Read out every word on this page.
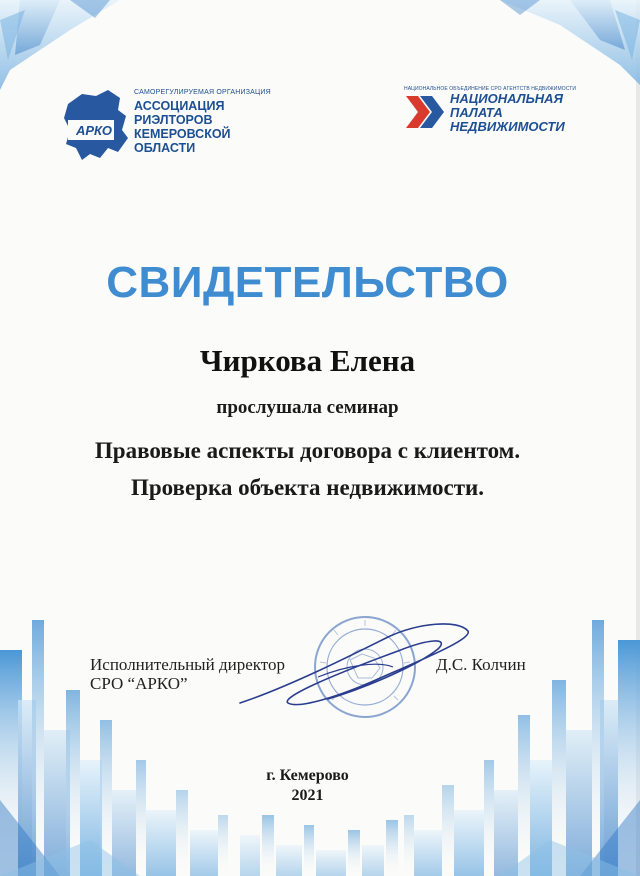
АРКО
САМОРЕГУЛИРУЕМАЯ ОРГАНИЗАЦИЯ
АССОЦИАЦИЯ
РИЭЛТОРОВ
КЕМЕРОВСКОЙ
ОБЛАСТИ
НАЦИОНАЛЬНОЕ ОБЪЕДИНЕНИЕ СРО АГЕНТСТВ НЕДВИЖИМОСТИ
НАЦИОНАЛЬНАЯ
ПАЛАТА
НЕДВИЖИМОСТИ
СВИДЕТЕЛЬСТВО
Чиркова Елена
прослушала семинар
Правовые аспекты договора с клиентом.
Проверка объекта недвижимости.
Исполнительный директор
СРО “АРКО”
Д.С. Колчин
г. Кемерово
2021
